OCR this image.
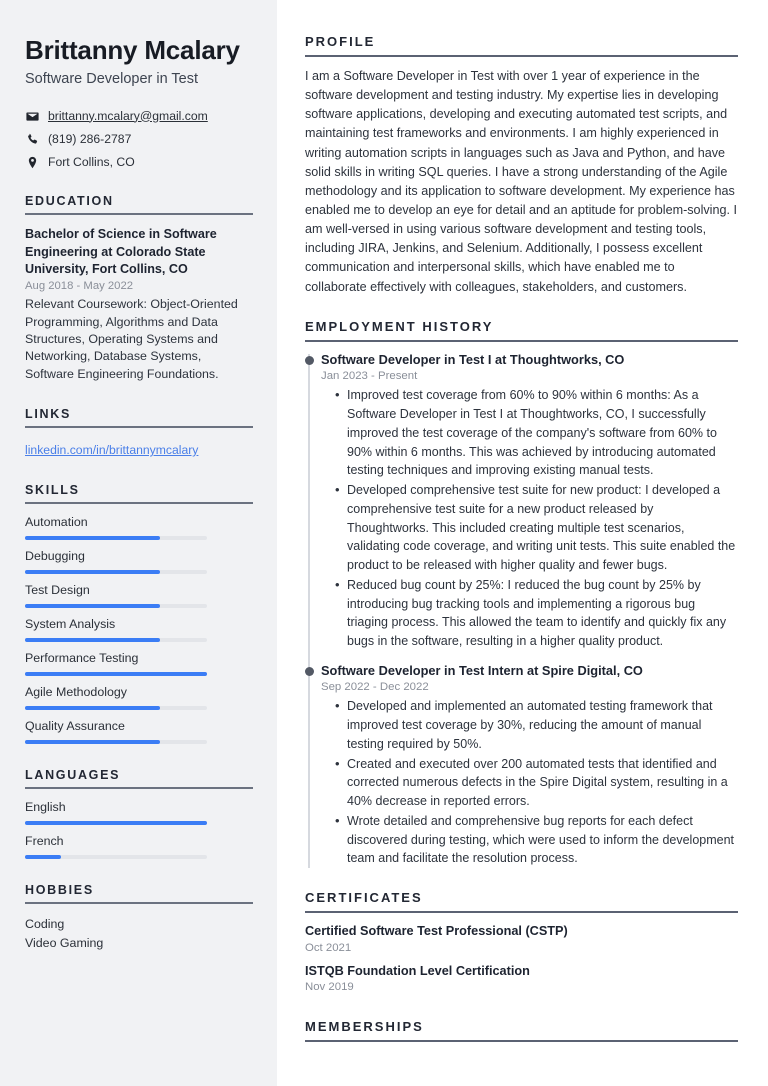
Brittanny Mcalary
Software Developer in Test
brittanny.mcalary@gmail.com
(819) 286-2787
Fort Collins, CO
EDUCATION
Bachelor of Science in Software Engineering at Colorado State University, Fort Collins, CO
Aug 2018 - May 2022
Relevant Coursework: Object-Oriented Programming, Algorithms and Data Structures, Operating Systems and Networking, Database Systems, Software Engineering Foundations.
LINKS
linkedin.com/in/brittannymcalary
SKILLS
Automation
Debugging
Test Design
System Analysis
Performance Testing
Agile Methodology
Quality Assurance
LANGUAGES
English
French
HOBBIES
Coding
Video Gaming
PROFILE

I am a Software Developer in Test with over 1 year of experience in the software development and testing industry. My expertise lies in developing software applications, developing and executing automated test scripts, and maintaining test frameworks and environments. I am highly experienced in writing automation scripts in languages such as Java and Python, and have solid skills in writing SQL queries. I have a strong understanding of the Agile methodology and its application to software development. My experience has enabled me to develop an eye for detail and an aptitude for problem-solving. I am well-versed in using various software development and testing tools, including JIRA, Jenkins, and Selenium. Additionally, I possess excellent communication and interpersonal skills, which have enabled me to collaborate effectively with colleagues, stakeholders, and customers.

EMPLOYMENT HISTORY
Software Developer in Test I at Thoughtworks, CO
Jan 2023 - Present
• Improved test coverage from 60% to 90% within 6 months: As a Software Developer in Test I at Thoughtworks, CO, I successfully improved the test coverage of the company's software from 60% to 90% within 6 months. This was achieved by introducing automated testing techniques and improving existing manual tests.
• Developed comprehensive test suite for new product: I developed a comprehensive test suite for a new product released by Thoughtworks. This included creating multiple test scenarios, validating code coverage, and writing unit tests. This suite enabled the product to be released with higher quality and fewer bugs.
• Reduced bug count by 25%: I reduced the bug count by 25% by introducing bug tracking tools and implementing a rigorous bug triaging process. This allowed the team to identify and quickly fix any bugs in the software, resulting in a higher quality product.
Software Developer in Test Intern at Spire Digital, CO
Sep 2022 - Dec 2022
• Developed and implemented an automated testing framework that improved test coverage by 30%, reducing the amount of manual testing required by 50%.
• Created and executed over 200 automated tests that identified and corrected numerous defects in the Spire Digital system, resulting in a 40% decrease in reported errors.
• Wrote detailed and comprehensive bug reports for each defect discovered during testing, which were used to inform the development team and facilitate the resolution process.
CERTIFICATES
Certified Software Test Professional (CSTP)
Oct 2021
ISTQB Foundation Level Certification
Nov 2019
MEMBERSHIPS
